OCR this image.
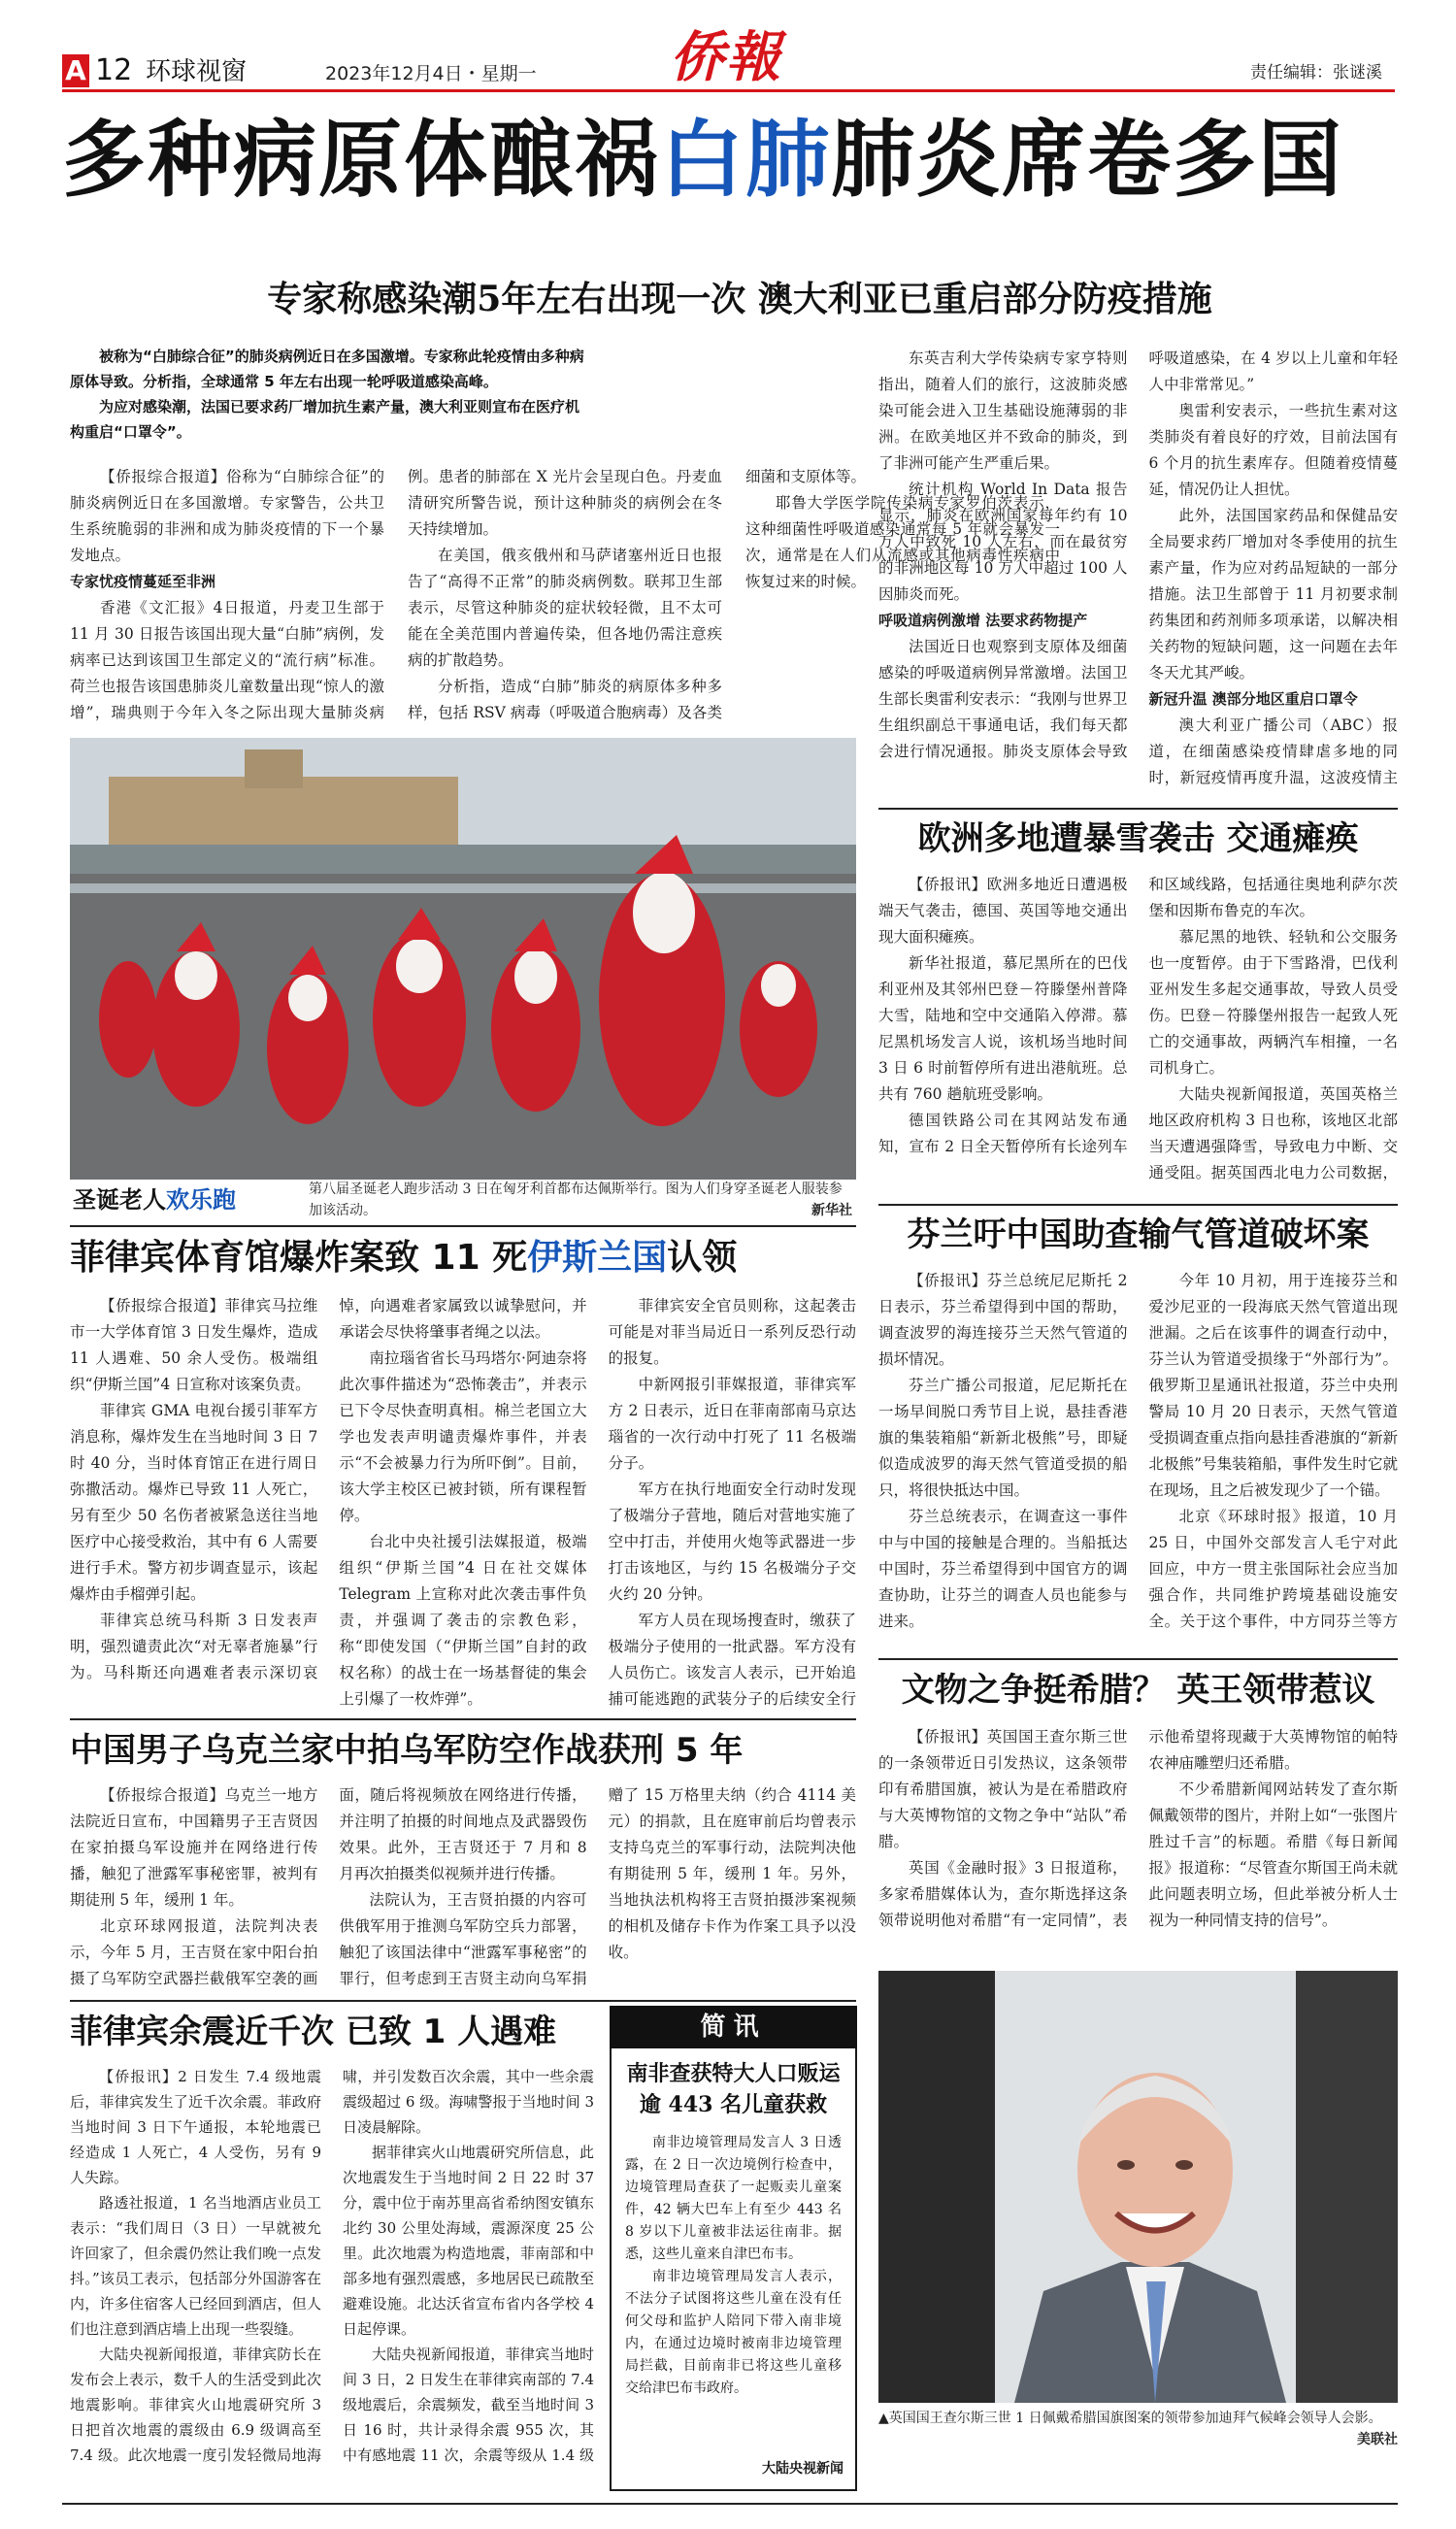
A 12 环球视窗	2023年12月4日・星期一 侨報	责任编辑：张谜溪
多种病原体酿祸白肺肺炎席卷多国
专家称感染潮5年左右出现一次 澳大利亚已重启部分防疫措施

被称为“白肺综合征”的肺炎病例近日在多国激增。专家称此轮疫情由多种病原体导致。分析指，全球通常 5 年左右出现一轮呼吸道感染高峰。

为应对感染潮，法国已要求药厂增加抗生素产量，澳大利亚则宣布在医疗机构重启“口罩令”。

【侨报综合报道】俗称为“白肺综合征”的肺炎病例近日在多国激增。专家警告，公共卫生系统脆弱的非洲和成为肺炎疫情的下一个暴发地点。

专家忧疫情蔓延至非洲

香港《文汇报》4日报道，丹麦卫生部于 11 月 30 日报告该国出现大量“白肺”病例，发病率已达到该国卫生部定义的“流行病”标准。荷兰也报告该国患肺炎儿童数量出现“惊人的激增”，瑞典则于今年入冬之际出现大量肺炎病例。患者的肺部在 X 光片会呈现白色。丹麦血清研究所警告说，预计这种肺炎的病例会在冬天持续增加。

在美国，俄亥俄州和马萨诸塞州近日也报告了“高得不正常”的肺炎病例数。联邦卫生部表示，尽管这种肺炎的症状较轻微，且不太可能在全美范围内普遍传染，但各地仍需注意疾病的扩散趋势。

分析指，造成“白肺”肺炎的病原体多种多样，包括 RSV 病毒（呼吸道合胞病毒）及各类细菌和支原体等。

耶鲁大学医学院传染病专家罗伯茨表示，这种细菌性呼吸道感染通常每 5 年就会暴发一次，通常是在人们从流感或其他病毒性疾病中恢复过来的时候。

东英吉利大学传染病专家亨特则指出，随着人们的旅行，这波肺炎感染可能会进入卫生基础设施薄弱的非洲。在欧美地区并不致命的肺炎，到了非洲可能产生严重后果。

统计机构 World In Data 报告显示，肺炎在欧洲国家每年约有 10 万人中致死 10 人左右，而在最贫穷的非洲地区每 10 万人中超过 100 人因肺炎而死。

呼吸道病例激增 法要求药物提产

法国近日也观察到支原体及细菌感染的呼吸道病例异常激增。法国卫生部长奥雷利安表示：“我刚与世界卫生组织副总干事通电话，我们每天都会进行情况通报。肺炎支原体会导致呼吸道感染，在 4 岁以上儿童和年轻人中非常常见。”

奥雷利安表示，一些抗生素对这类肺炎有着良好的疗效，目前法国有 6 个月的抗生素库存。但随着疫情蔓延，情况仍让人担忧。

此外，法国国家药品和保健品安全局要求药厂增加对冬季使用的抗生素产量，作为应对药品短缺的一部分措施。法卫生部曾于 11 月初要求制药集团和药剂师多项承诺，以解决相关药物的短缺问题，这一问题在去年冬天尤其严峻。

新冠升温 澳部分地区重启口罩令

澳大利亚广播公司（ABC）报道，在细菌感染疫情肆虐多地的同时，新冠疫情再度升温，这波疫情主

圣诞老人欢乐跑	第八届圣诞老人跑步活动 3 日在匈牙利首都布达佩斯举行。图为人们身穿圣诞老人服装参加该活动。	新华社
欧洲多地遭暴雪袭击 交通瘫痪

【侨报讯】欧洲多地近日遭遇极端天气袭击，德国、英国等地交通出现大面积瘫痪。

新华社报道，慕尼黑所在的巴伐利亚州及其邻州巴登－符滕堡州普降大雪，陆地和空中交通陷入停滞。慕尼黑机场发言人说，该机场当地时间 3 日 6 时前暂停所有进出港航班。总共有 760 趟航班受影响。

德国铁路公司在其网站发布通知，宣布 2 日全天暂停所有长途列车和区域线路，包括通往奥地利萨尔茨堡和因斯布鲁克的车次。

慕尼黑的地铁、轻轨和公交服务也一度暂停。由于下雪路滑，巴伐利亚州发生多起交通事故，导致人员受伤。巴登－符滕堡州报告一起致人死亡的交通事故，两辆汽车相撞，一名司机身亡。

大陆央视新闻报道，英国英格兰地区政府机构 3 日也称，该地区北部当天遭遇强降雪，导致电力中断、交通受阻。据英国西北电力公司数据，

芬兰吁中国助查输气管道破坏案

【侨报讯】芬兰总统尼尼斯托 2 日表示，芬兰希望得到中国的帮助，调查波罗的海连接芬兰天然气管道的损坏情况。

芬兰广播公司报道，尼尼斯托在一场早间脱口秀节目上说，悬挂香港旗的集装箱船“新新北极熊”号，即疑似造成波罗的海天然气管道受损的船只，将很快抵达中国。

芬兰总统表示，在调查这一事件中与中国的接触是合理的。当船抵达中国时，芬兰希望得到中国官方的调查协助，让芬兰的调查人员也能参与进来。

今年 10 月初，用于连接芬兰和爱沙尼亚的一段海底天然气管道出现泄漏。之后在该事件的调查行动中，芬兰认为管道受损缘于“外部行为”。俄罗斯卫星通讯社报道，芬兰中央刑警局 10 月 20 日表示，天然气管道受损调查重点指向悬挂香港旗的“新新北极熊”号集装箱船，事件发生时它就在现场，且之后被发现少了一个锚。

北京《环球时报》报道，10 月 25 日，中国外交部发言人毛宁对此回应，中方一贯主张国际社会应当加强合作，共同维护跨境基础设施安全。关于这个事件，中方同芬兰等方

菲律宾体育馆爆炸案致 11 死伊斯兰国认领

【侨报综合报道】菲律宾马拉维市一大学体育馆 3 日发生爆炸，造成 11 人遇难、50 余人受伤。极端组织“伊斯兰国”4 日宣称对该案负责。

菲律宾 GMA 电视台援引菲军方消息称，爆炸发生在当地时间 3 日 7 时 40 分，当时体育馆正在进行周日弥撒活动。爆炸已导致 11 人死亡，另有至少 50 名伤者被紧急送往当地医疗中心接受救治，其中有 6 人需要进行手术。警方初步调查显示，该起爆炸由手榴弹引起。

菲律宾总统马科斯 3 日发表声明，强烈谴责此次“对无辜者施暴”行为。马科斯还向遇难者表示深切哀悼，向遇难者家属致以诚挚慰问，并承诺会尽快将肇事者绳之以法。

南拉瑙省省长马玛塔尔·阿迪奈将此次事件描述为“恐怖袭击”，并表示已下令尽快查明真相。棉兰老国立大学也发表声明谴责爆炸事件，并表示“不会被暴力行为所吓倒”。目前，该大学主校区已被封锁，所有课程暂停。

台北中央社援引法媒报道，极端组织“伊斯兰国”4 日在社交媒体 Telegram 上宣称对此次袭击事件负责，并强调了袭击的宗教色彩，称“即使发国（“伊斯兰国”自封的政权名称）的战士在一场基督徒的集会上引爆了一枚炸弹”。

菲律宾安全官员则称，这起袭击可能是对菲当局近日一系列反恐行动的报复。

中新网报引菲媒报道，菲律宾军方 2 日表示，近日在菲南部南马京达瑙省的一次行动中打死了 11 名极端分子。

军方在执行地面安全行动时发现了极端分子营地，随后对营地实施了空中打击，并使用火炮等武器进一步打击该地区，与约 15 名极端分子交火约 20 分钟。

军方人员在现场搜查时，缴获了极端分子使用的一批武器。军方没有人员伤亡。该发言人表示，已开始追捕可能逃跑的武装分子的后续安全行

中国男子乌克兰家中拍乌军防空作战获刑 5 年

【侨报综合报道】乌克兰一地方法院近日宣布，中国籍男子王吉贤因在家拍摄乌军设施并在网络进行传播，触犯了泄露军事秘密罪，被判有期徒刑 5 年，缓刑 1 年。

北京环球网报道，法院判决表示，今年 5 月，王吉贤在家中阳台拍摄了乌军防空武器拦截俄军空袭的画面，随后将视频放在网络进行传播，并注明了拍摄的时间地点及武器毁伤效果。此外，王吉贤还于 7 月和 8 月再次拍摄类似视频并进行传播。

法院认为，王吉贤拍摄的内容可供俄军用于推测乌军防空兵力部署，触犯了该国法律中“泄露军事秘密”的罪行，但考虑到王吉贤主动向乌军捐赠了 15 万格里夫纳（约合 4114 美元）的捐款，且在庭审前后均曾表示支持乌克兰的军事行动，法院判决他有期徒刑 5 年，缓刑 1 年。另外，当地执法机构将王吉贤拍摄涉案视频的相机及储存卡作为作案工具予以没收。

文物之争挺希腊？ 英王领带惹议

【侨报讯】英国国王查尔斯三世的一条领带近日引发热议，这条领带印有希腊国旗，被认为是在希腊政府与大英博物馆的文物之争中“站队”希腊。

英国《金融时报》3 日报道称，多家希腊媒体认为，查尔斯选择这条领带说明他对希腊“有一定同情”，表示他希望将现藏于大英博物馆的帕特农神庙雕塑归还希腊。

不少希腊新闻网站转发了查尔斯佩戴领带的图片，并附上如“一张图片胜过千言”的标题。希腊《每日新闻报》报道称：“尽管查尔斯国王尚未就此问题表明立场，但此举被分析人士视为一种同情支持的信号”。

▲英国国王查尔斯三世 1 日佩戴希腊国旗图案的领带参加迪拜气候峰会领导人会影。
美联社
菲律宾余震近千次 已致 1 人遇难

【侨报讯】2 日发生 7.4 级地震后，菲律宾发生了近千次余震。菲政府当地时间 3 日下午通报，本轮地震已经造成 1 人死亡，4 人受伤，另有 9 人失踪。

路透社报道，1 名当地酒店业员工表示：“我们周日（3 日）一早就被允许回家了，但余震仍然让我们晚一点发抖。”该员工表示，包括部分外国游客在内，许多住宿客人已经回到酒店，但人们也注意到酒店墙上出现一些裂缝。

大陆央视新闻报道，菲律宾防长在发布会上表示，数千人的生活受到此次地震影响。菲律宾火山地震研究所 3 日把首次地震的震级由 6.9 级调高至 7.4 级。此次地震一度引发轻微局地海啸，并引发数百次余震，其中一些余震震级超过 6 级。海啸警报于当地时间 3 日凌晨解除。

据菲律宾火山地震研究所信息，此次地震发生于当地时间 2 日 22 时 37 分，震中位于南苏里高省希纳图安镇东北约 30 公里处海域，震源深度 25 公里。此次地震为构造地震，菲南部和中部多地有强烈震感，多地居民已疏散至避难设施。北达沃省宣布省内各学校 4 日起停课。

大陆央视新闻报道，菲律宾当地时间 3 日，2 日发生在菲律宾南部的 7.4 级地震后，余震频发，截至当地时间 3 日 16 时，共计录得余震 955 次，其中有感地震 11 次，余震等级从 1.4 级

简讯
南非查获特大人口贩运逾 443 名儿童获救

南非边境管理局发言人 3 日透露，在 2 日一次边境例行检查中，边境管理局查获了一起贩卖儿童案件，42 辆大巴车上有至少 443 名 8 岁以下儿童被非法运往南非。据悉，这些儿童来自津巴布韦。

南非边境管理局发言人表示，不法分子试图将这些儿童在没有任何父母和监护人陪同下带入南非境内，在通过边境时被南非边境管理局拦截，目前南非已将这些儿童移交给津巴布韦政府。

大陆央视新闻
